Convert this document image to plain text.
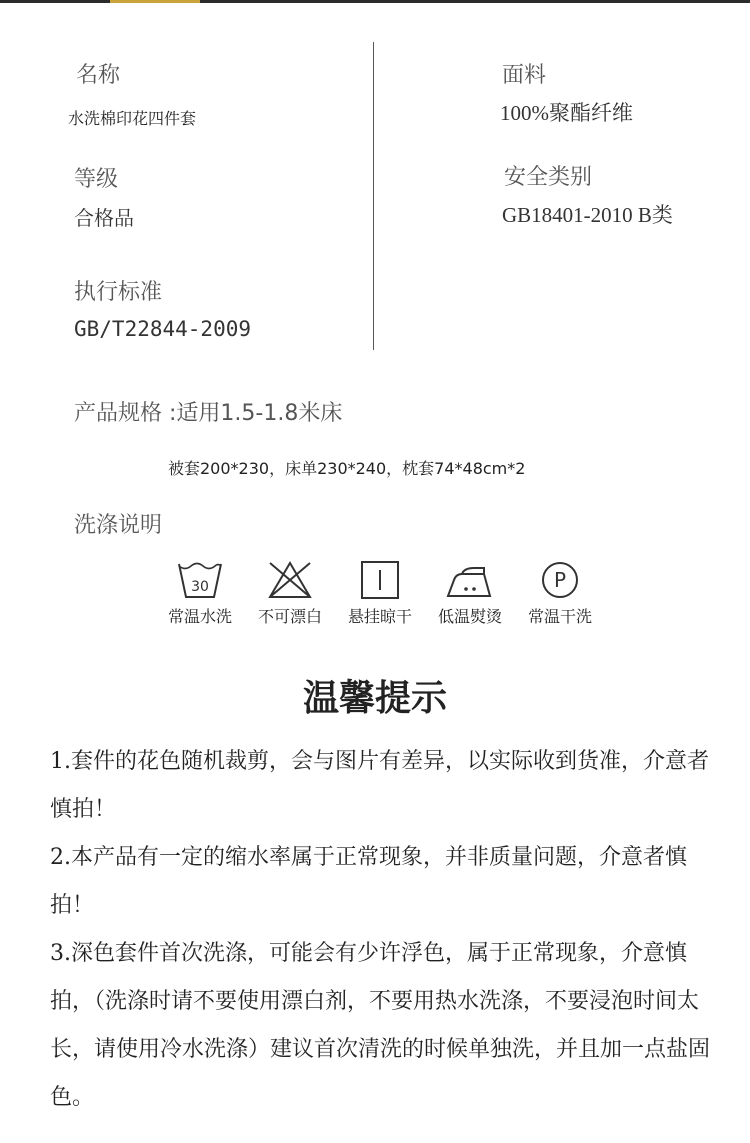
名称
水洗棉印花四件套
等级
合格品
执行标准
GB/T22844-2009
面料
100%聚酯纤维
安全类别
GB18401-2010 B类
产品规格 :适用1.5-1.8米床
被套200*230，床单230*240，枕套74*48cm*2
洗涤说明
30
常温水洗 不可漂白 悬挂晾干 低温熨烫
P
常温干洗
温馨提示

1.套件的花色随机裁剪，会与图片有差异，以实际收到货准，介意者慎拍！

2.本产品有一定的缩水率属于正常现象，并非质量问题，介意者慎拍！

3.深色套件首次洗涤，可能会有少许浮色，属于正常现象，介意慎拍，（洗涤时请不要使用漂白剂，不要用热水洗涤，不要浸泡时间太长，请使用冷水洗涤）建议首次清洗的时候单独洗，并且加一点盐固色。
